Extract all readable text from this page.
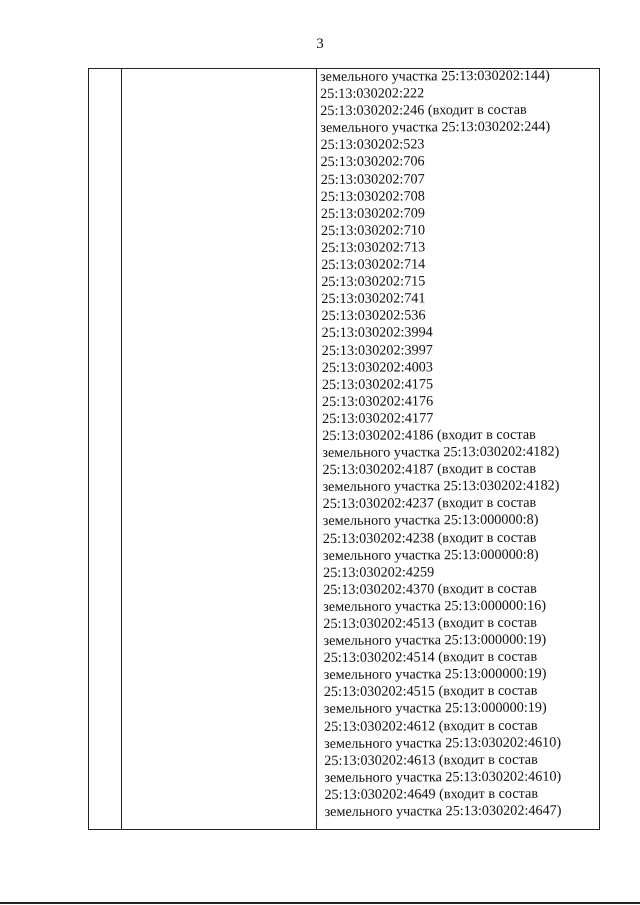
3
земельного участка 25:13:030202:144)
25:13:030202:222
25:13:030202:246 (входит в состав
земельного участка 25:13:030202:244)
25:13:030202:523
25:13:030202:706
25:13:030202:707
25:13:030202:708
25:13:030202:709
25:13:030202:710
25:13:030202:713
25:13:030202:714
25:13:030202:715
25:13:030202:741
25:13:030202:536
25:13:030202:3994
25:13:030202:3997
25:13:030202:4003
25:13:030202:4175
25:13:030202:4176
25:13:030202:4177
25:13:030202:4186 (входит в состав
земельного участка 25:13:030202:4182)
25:13:030202:4187 (входит в состав
земельного участка 25:13:030202:4182)
25:13:030202:4237 (входит в состав
земельного участка 25:13:000000:8)
25:13:030202:4238 (входит в состав
земельного участка 25:13:000000:8)
25:13:030202:4259
25:13:030202:4370 (входит в состав
земельного участка 25:13:000000:16)
25:13:030202:4513 (входит в состав
земельного участка 25:13:000000:19)
25:13:030202:4514 (входит в состав
земельного участка 25:13:000000:19)
25:13:030202:4515 (входит в состав
земельного участка 25:13:000000:19)
25:13:030202:4612 (входит в состав
земельного участка 25:13:030202:4610)
25:13:030202:4613 (входит в состав
земельного участка 25:13:030202:4610)
25:13:030202:4649 (входит в состав
земельного участка 25:13:030202:4647)
